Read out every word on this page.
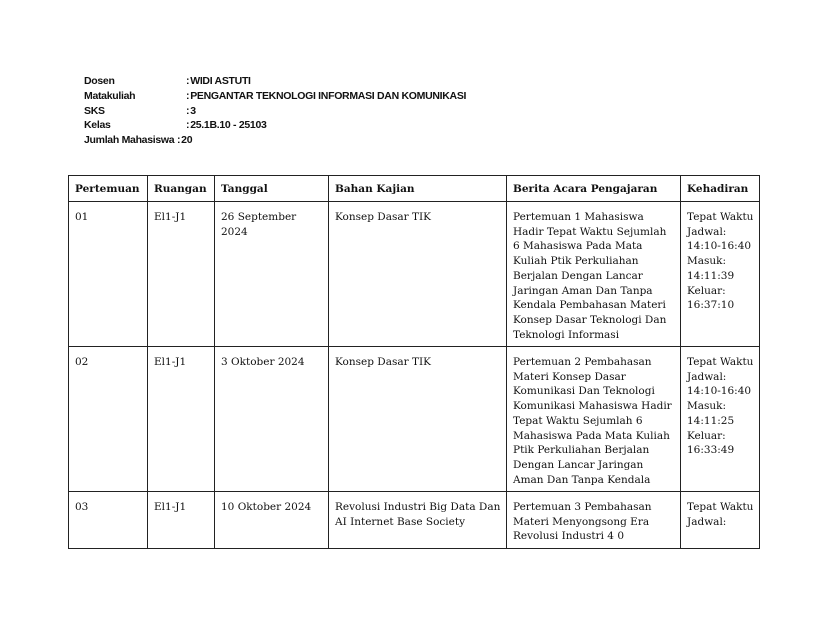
Dosen	: WIDI ASTUTI
Matakuliah	: PENGANTAR TEKNOLOGI INFORMASI DAN KOMUNIKASI
SKS	: 3
Kelas	: 25.1B.10 - 25103
Jumlah Mahasiswa : 20
Pertemuan	Ruangan	Tanggal	Bahan Kajian	Berita Acara Pengajaran	Kehadiran
01	El1-J1	26 September 2024	Konsep Dasar TIK	Pertemuan 1 Mahasiswa Hadir Tepat Waktu Sejumlah 6 Mahasiswa Pada Mata Kuliah Ptik Perkuliahan Berjalan Dengan Lancar Jaringan Aman Dan Tanpa Kendala Pembahasan Materi Konsep Dasar Teknologi Dan Teknologi Informasi	Tepat Waktu Jadwal: 14:10-16:40 Masuk: 14:11:39 Keluar: 16:37:10
02	El1-J1	3 Oktober 2024	Konsep Dasar TIK	Pertemuan 2 Pembahasan Materi Konsep Dasar Komunikasi Dan Teknologi Komunikasi Mahasiswa Hadir Tepat Waktu Sejumlah 6 Mahasiswa Pada Mata Kuliah Ptik Perkuliahan Berjalan Dengan Lancar Jaringan Aman Dan Tanpa Kendala	Tepat Waktu Jadwal: 14:10-16:40 Masuk: 14:11:25 Keluar: 16:33:49
03	El1-J1	10 Oktober 2024	Revolusi Industri Big Data Dan AI Internet Base Society	Pertemuan 3 Pembahasan Materi Menyongsong Era Revolusi Industri 4 0	Tepat Waktu Jadwal:
